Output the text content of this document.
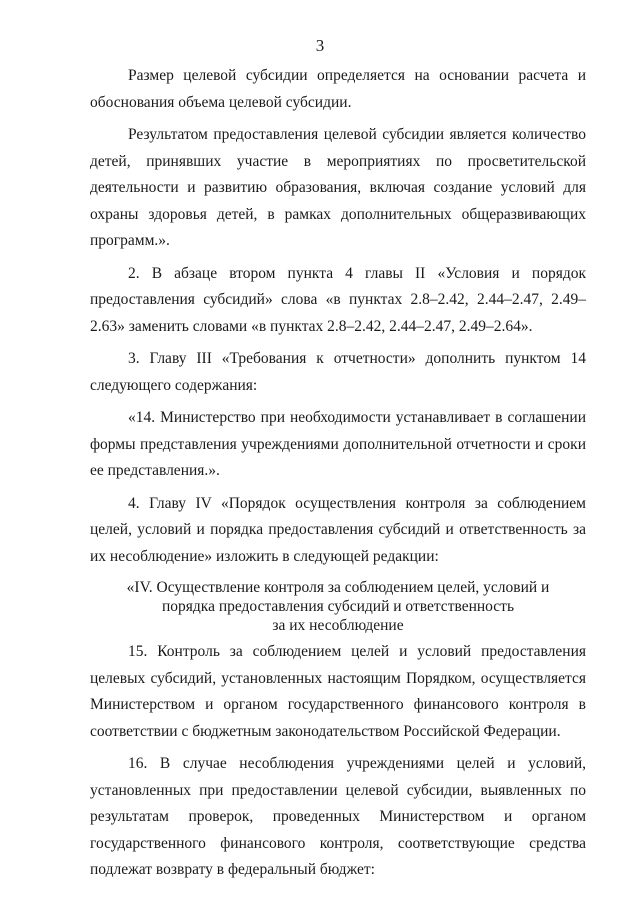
3

Размер целевой субсидии определяется на основании расчета и обоснования объема целевой субсидии.

Результатом предоставления целевой субсидии является количество детей, принявших участие в мероприятиях по просветительской деятельности и развитию образования, включая создание условий для охраны здоровья детей, в рамках дополнительных общеразвивающих программ.».

2. В абзаце втором пункта 4 главы II «Условия и порядок предоставления субсидий» слова «в пунктах 2.8–2.42, 2.44–2.47, 2.49–2.63» заменить словами «в пунктах 2.8–2.42, 2.44–2.47, 2.49–2.64».

3. Главу III «Требования к отчетности» дополнить пунктом 14 следующего содержания:

«14. Министерство при необходимости устанавливает в соглашении формы представления учреждениями дополнительной отчетности и сроки ее представления.».

4. Главу IV «Порядок осуществления контроля за соблюдением целей, условий и порядка предоставления субсидий и ответственность за их несоблюдение» изложить в следующей редакции:

«IV. Осуществление контроля за соблюдением целей, условий и
порядка предоставления субсидий и ответственность
за их несоблюдение

15. Контроль за соблюдением целей и условий предоставления целевых субсидий, установленных настоящим Порядком, осуществляется Министерством и органом государственного финансового контроля в соответствии с бюджетным законодательством Российской Федерации.

16. В случае несоблюдения учреждениями целей и условий, установленных при предоставлении целевой субсидии, выявленных по результатам проверок, проведенных Министерством и органом государственного финансового контроля, соответствующие средства подлежат возврату в федеральный бюджет:
